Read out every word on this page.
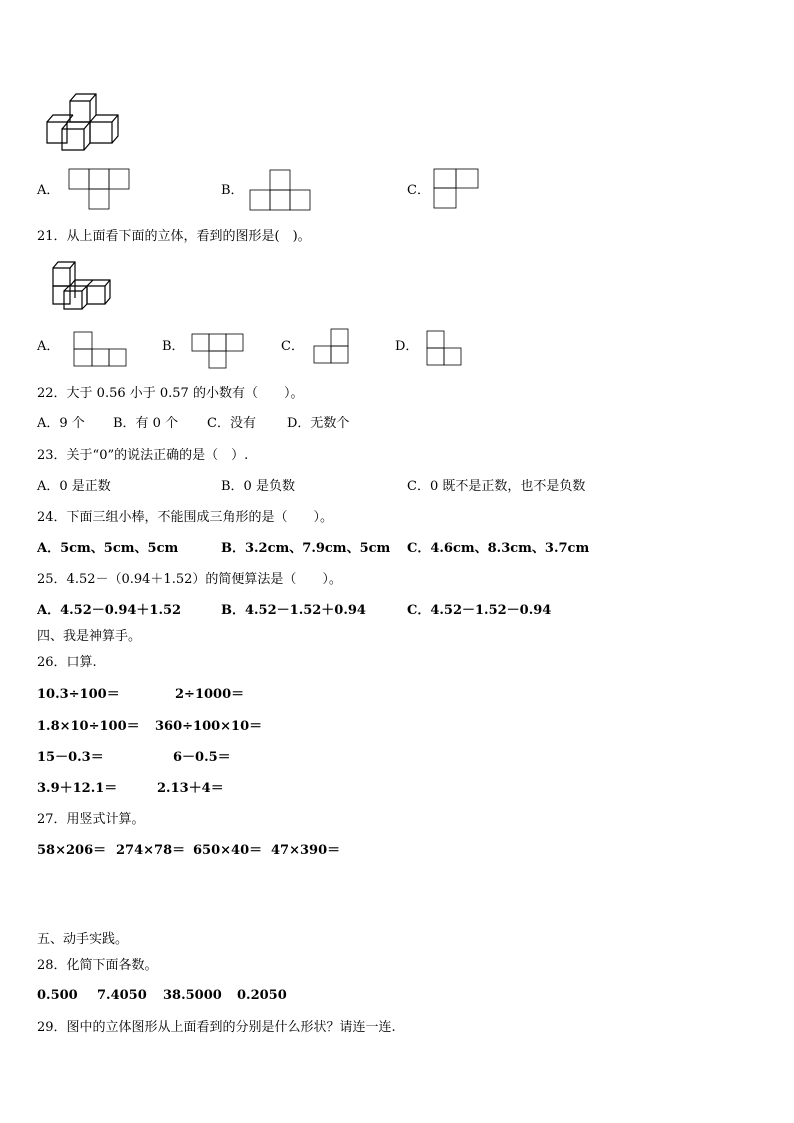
A．	B．	C．
21．从上面看下面的立体，看到的图形是(　)。
A．	B．	C．	D．
22．大于 0.56 小于 0.57 的小数有（　　）。
A．9 个 B．有 0 个 C．没有 D．无数个
23．关于“0”的说法正确的是（　）.
A．0 是正数	B．0 是负数	C．0 既不是正数，也不是负数
24．下面三组小棒，不能围成三角形的是（　　）。
A．5cm、5cm、5cm	B．3.2cm、7.9cm、5cm C．4.6cm、8.3cm、3.7cm
25．4.52－（0.94＋1.52）的简便算法是（　　）。
A．4.52－0.94＋1.52	B．4.52－1.52＋0.94	C．4.52－1.52－0.94
四、我是神算手。
26．口算.
10.3÷100＝	2÷1000＝
1.8×10÷100＝ 360÷100×10＝
15－0.3＝	6－0.5＝
3.9＋12.1＝	2.13＋4＝
27．用竖式计算。
58×206＝ 274×78＝ 650×40＝ 47×390＝
五、动手实践。
28．化简下面各数。
0.500 7.4050 38.5000 0.2050
29．图中的立体图形从上面看到的分别是什么形状？请连一连.
